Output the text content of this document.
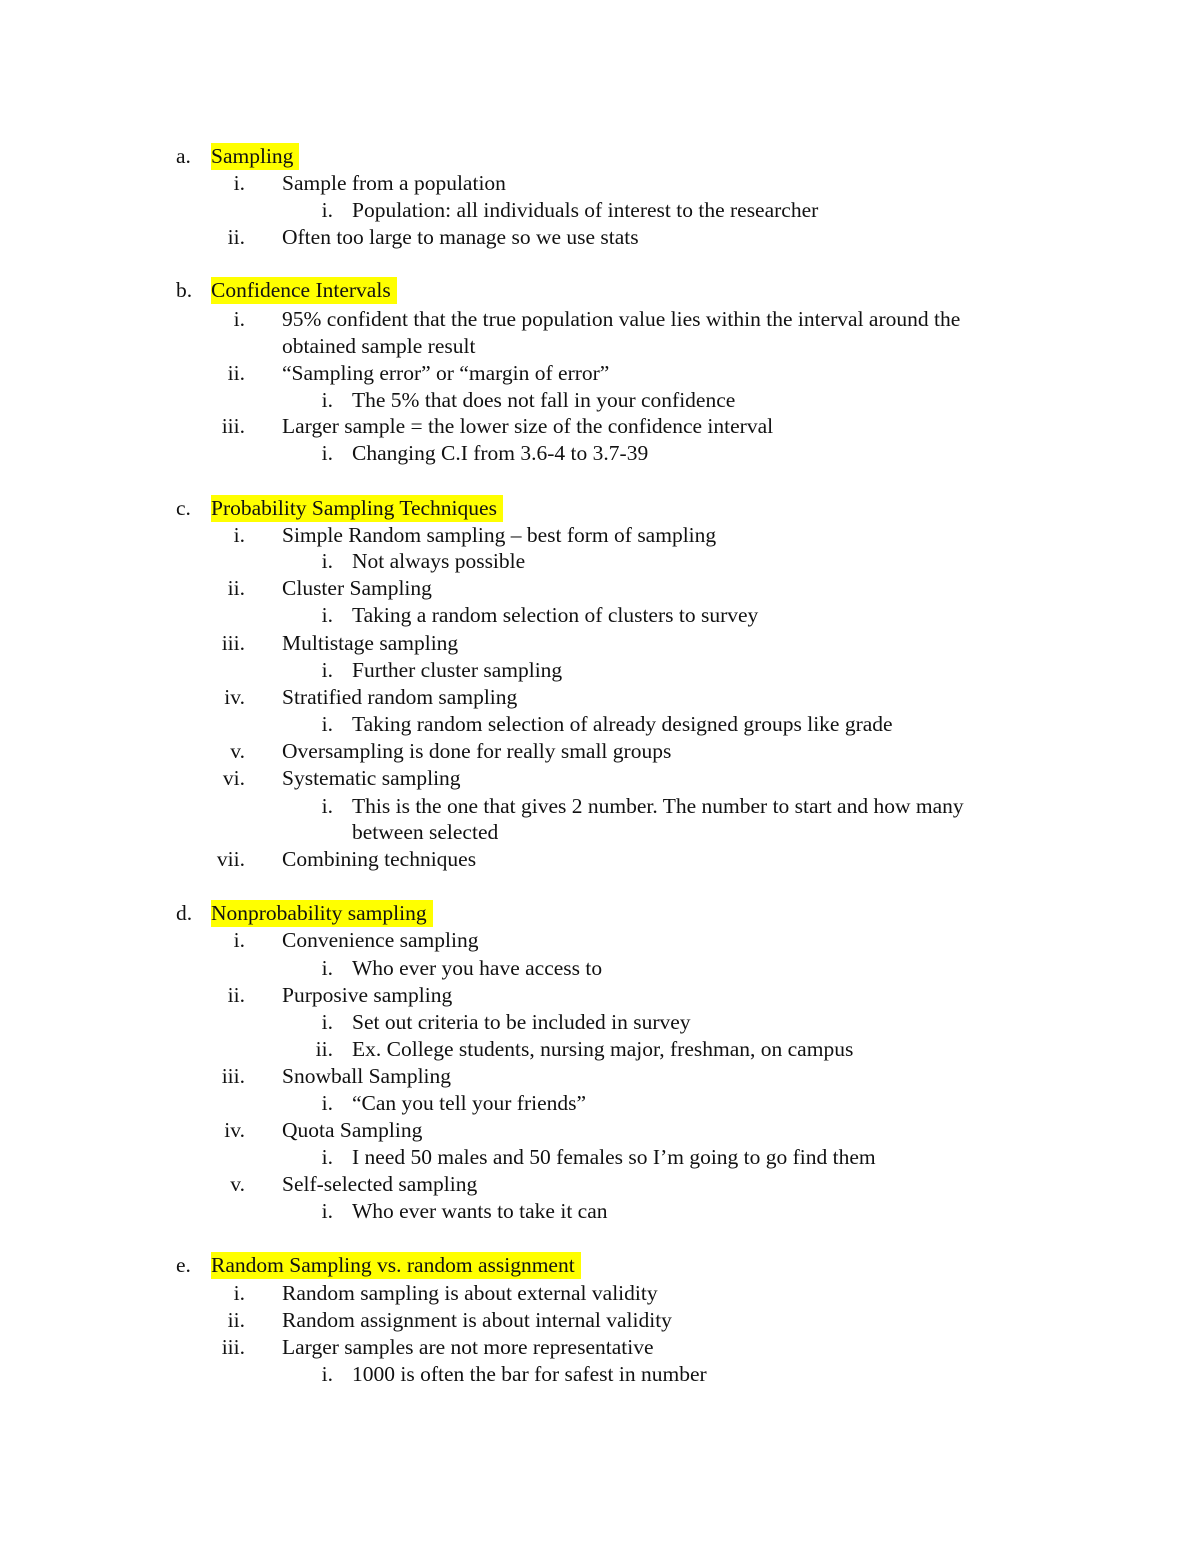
a. Sampling
i. Sample from a population
i. Population: all individuals of interest to the researcher
ii. Often too large to manage so we use stats
b. Confidence Intervals
i. 95% confident that the true population value lies within the interval around the
obtained sample result
ii. “Sampling error” or “margin of error”
i. The 5% that does not fall in your confidence
iii. Larger sample = the lower size of the confidence interval
i. Changing C.I from 3.6-4 to 3.7-39
c. Probability Sampling Techniques
i. Simple Random sampling – best form of sampling
i. Not always possible
ii. Cluster Sampling
i. Taking a random selection of clusters to survey
iii. Multistage sampling
i. Further cluster sampling
iv. Stratified random sampling
i. Taking random selection of already designed groups like grade
v. Oversampling is done for really small groups
vi. Systematic sampling
i. This is the one that gives 2 number. The number to start and how many
between selected
vii. Combining techniques
d. Nonprobability sampling
i. Convenience sampling
i. Who ever you have access to
ii. Purposive sampling
i. Set out criteria to be included in survey
ii. Ex. College students, nursing major, freshman, on campus
iii. Snowball Sampling
i. “Can you tell your friends”
iv. Quota Sampling
i. I need 50 males and 50 females so I’m going to go find them
v. Self-selected sampling
i. Who ever wants to take it can
e. Random Sampling vs. random assignment
i. Random sampling is about external validity
ii. Random assignment is about internal validity
iii. Larger samples are not more representative
i. 1000 is often the bar for safest in number
